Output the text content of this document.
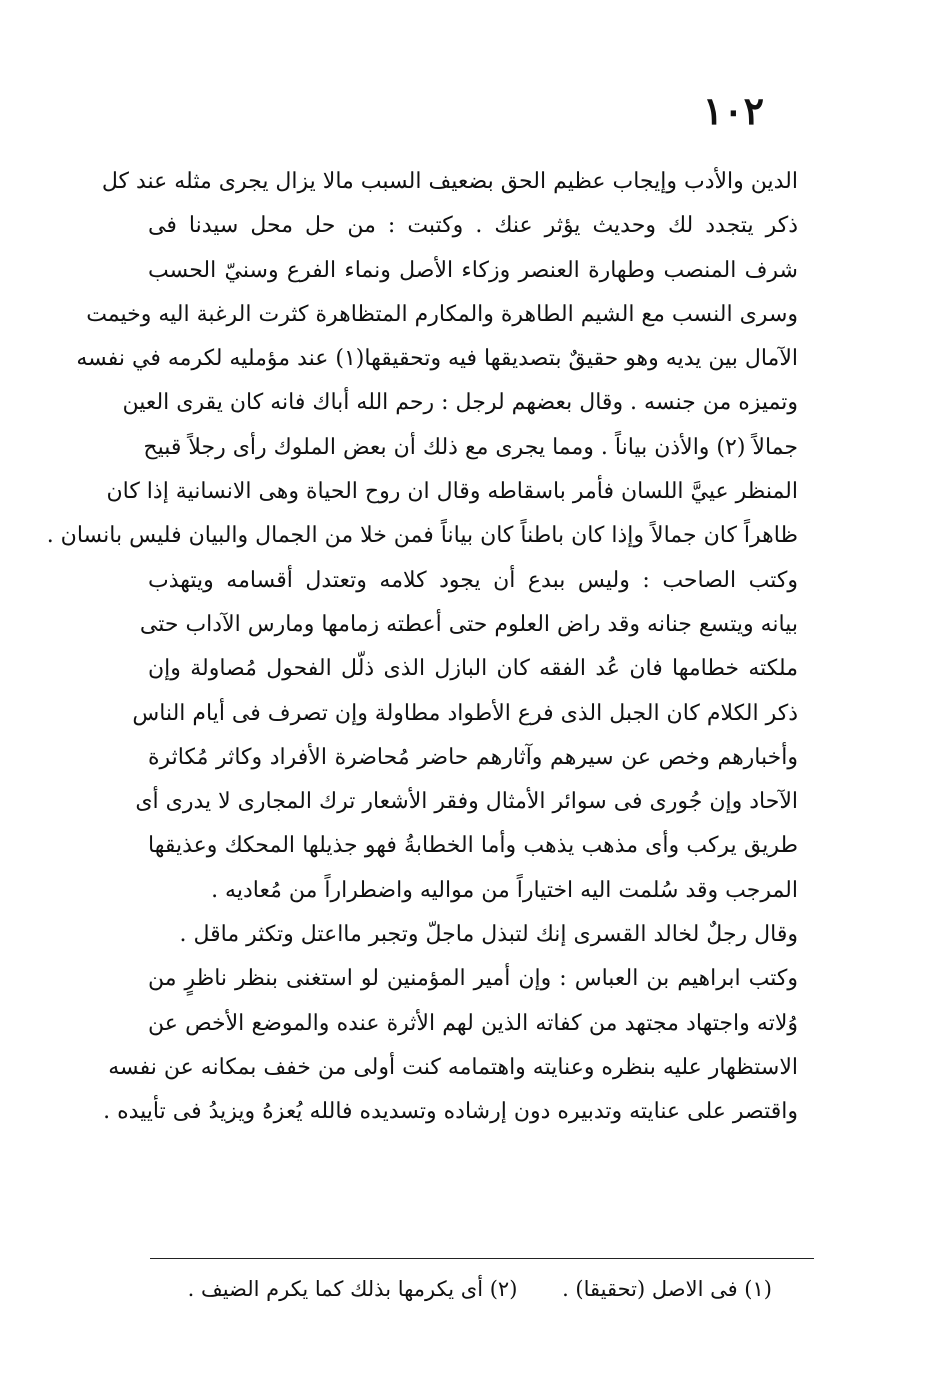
١٠٢
الدين والأدب وإيجاب عظيم الحق بضعيف السبب مالا يزال يجرى مثله عند كل
ذكر يتجدد لك وحديث يؤثر عنك . وكتبت : من حل محل سيدنا فى
شرف المنصب وطهارة العنصر وزكاء الأصل ونماء الفرع وسنيّ الحسب
وسرى النسب مع الشيم الطاهرة والمكارم المتظاهرة كثرت الرغبة اليه وخيمت
الآمال بين يديه وهو حقيقٌ بتصديقها فيه وتحقيقها(١) عند مؤمليه لكرمه في نفسه
وتميزه من جنسه . وقال بعضهم لرجل : رحم الله أباك فانه كان يقرى العين
جمالاً (٢) والأذن بياناً . ومما يجرى مع ذلك أن بعض الملوك رأى رجلاً قبيح
المنظر عييَّ اللسان فأمر باسقاطه وقال ان روح الحياة وهى الانسانية إذا كان
ظاهراً كان جمالاً وإذا كان باطناً كان بياناً فمن خلا من الجمال والبيان فليس بانسان .
وكتب الصاحب : وليس ببدع أن يجود كلامه وتعتدل أقسامه ويتهذب
بيانه ويتسع جنانه وقد راض العلوم حتى أعطته زمامها ومارس الآداب حتى
ملكته خطامها فان عُد الفقه كان البازل الذى ذلّل الفحول مُصاولة وإن
ذكر الكلام كان الجبل الذى فرع الأطواد مطاولة وإن تصرف فى أيام الناس
وأخبارهم وخص عن سيرهم وآثارهم حاضر مُحاضرة الأفراد وكاثر مُكاثرة
الآحاد وإن جُورى فى سوائر الأمثال وفقر الأشعار ترك المجارى لا يدرى أى
طريق يركب وأى مذهب يذهب وأما الخطابةُ فهو جذيلها المحكك وعذيقها
المرجب وقد سُلمت اليه اختياراً من مواليه واضطراراً من مُعاديه .
وقال رجلٌ لخالد القسرى إنك لتبذل ماجلّ وتجبر مااعتل وتكثر ماقل .
وكتب ابراهيم بن العباس : وإن أمير المؤمنين لو استغنى بنظر ناظرٍ من
وُلاته واجتهاد مجتهد من كفاته الذين لهم الأثرة عنده والموضع الأخص عن
الاستظهار عليه بنظره وعنايته واهتمامه كنت أولى من خفف بمكانه عن نفسه
واقتصر على عنايته وتدبيره دون إرشاده وتسديده فالله يُعزهُ ويزيدُ فى تأييده .
(١) فى الاصل (تحقيقا) . (٢) أى يكرمها بذلك كما يكرم الضيف .
